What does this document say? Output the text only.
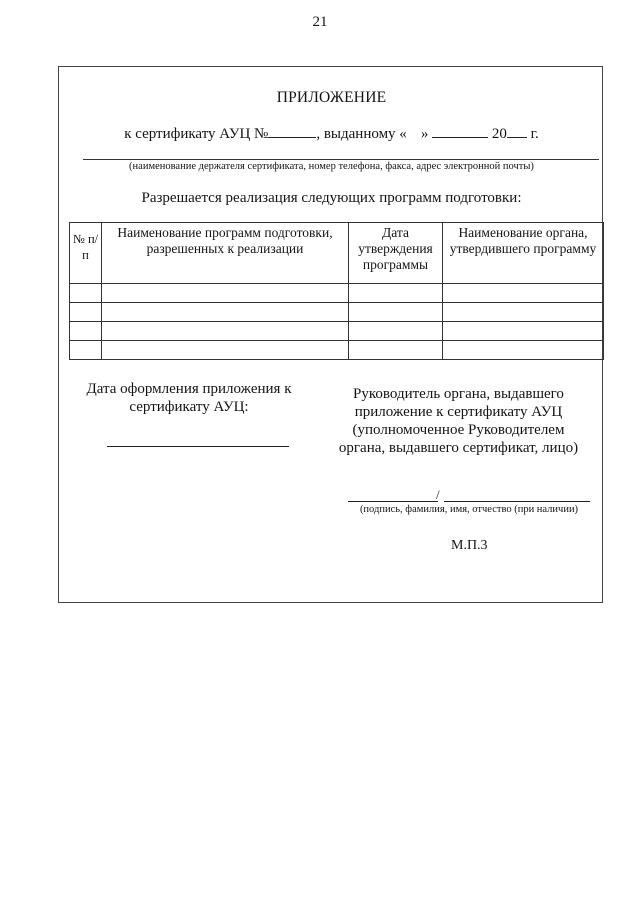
21
ПРИЛОЖЕНИЕ
к сертификату АУЦ №	, выданному « »	20 г.
(наименование держателя сертификата, номер телефона, факса, адрес электронной почты)
Разрешается реализация следующих программ подготовки:
№ п/п	Наименование программ подготовки, разрешенных к реализации	Дата утверждения программы	Наименование органа, утвердившего программу

Дата оформления приложения к сертификату АУЦ:
Руководитель органа, выдавшего приложение к сертификату АУЦ (уполномоченное Руководителем органа, выдавшего сертификат, лицо)
/
(подпись, фамилия, имя, отчество (при наличии)
М.П.3
